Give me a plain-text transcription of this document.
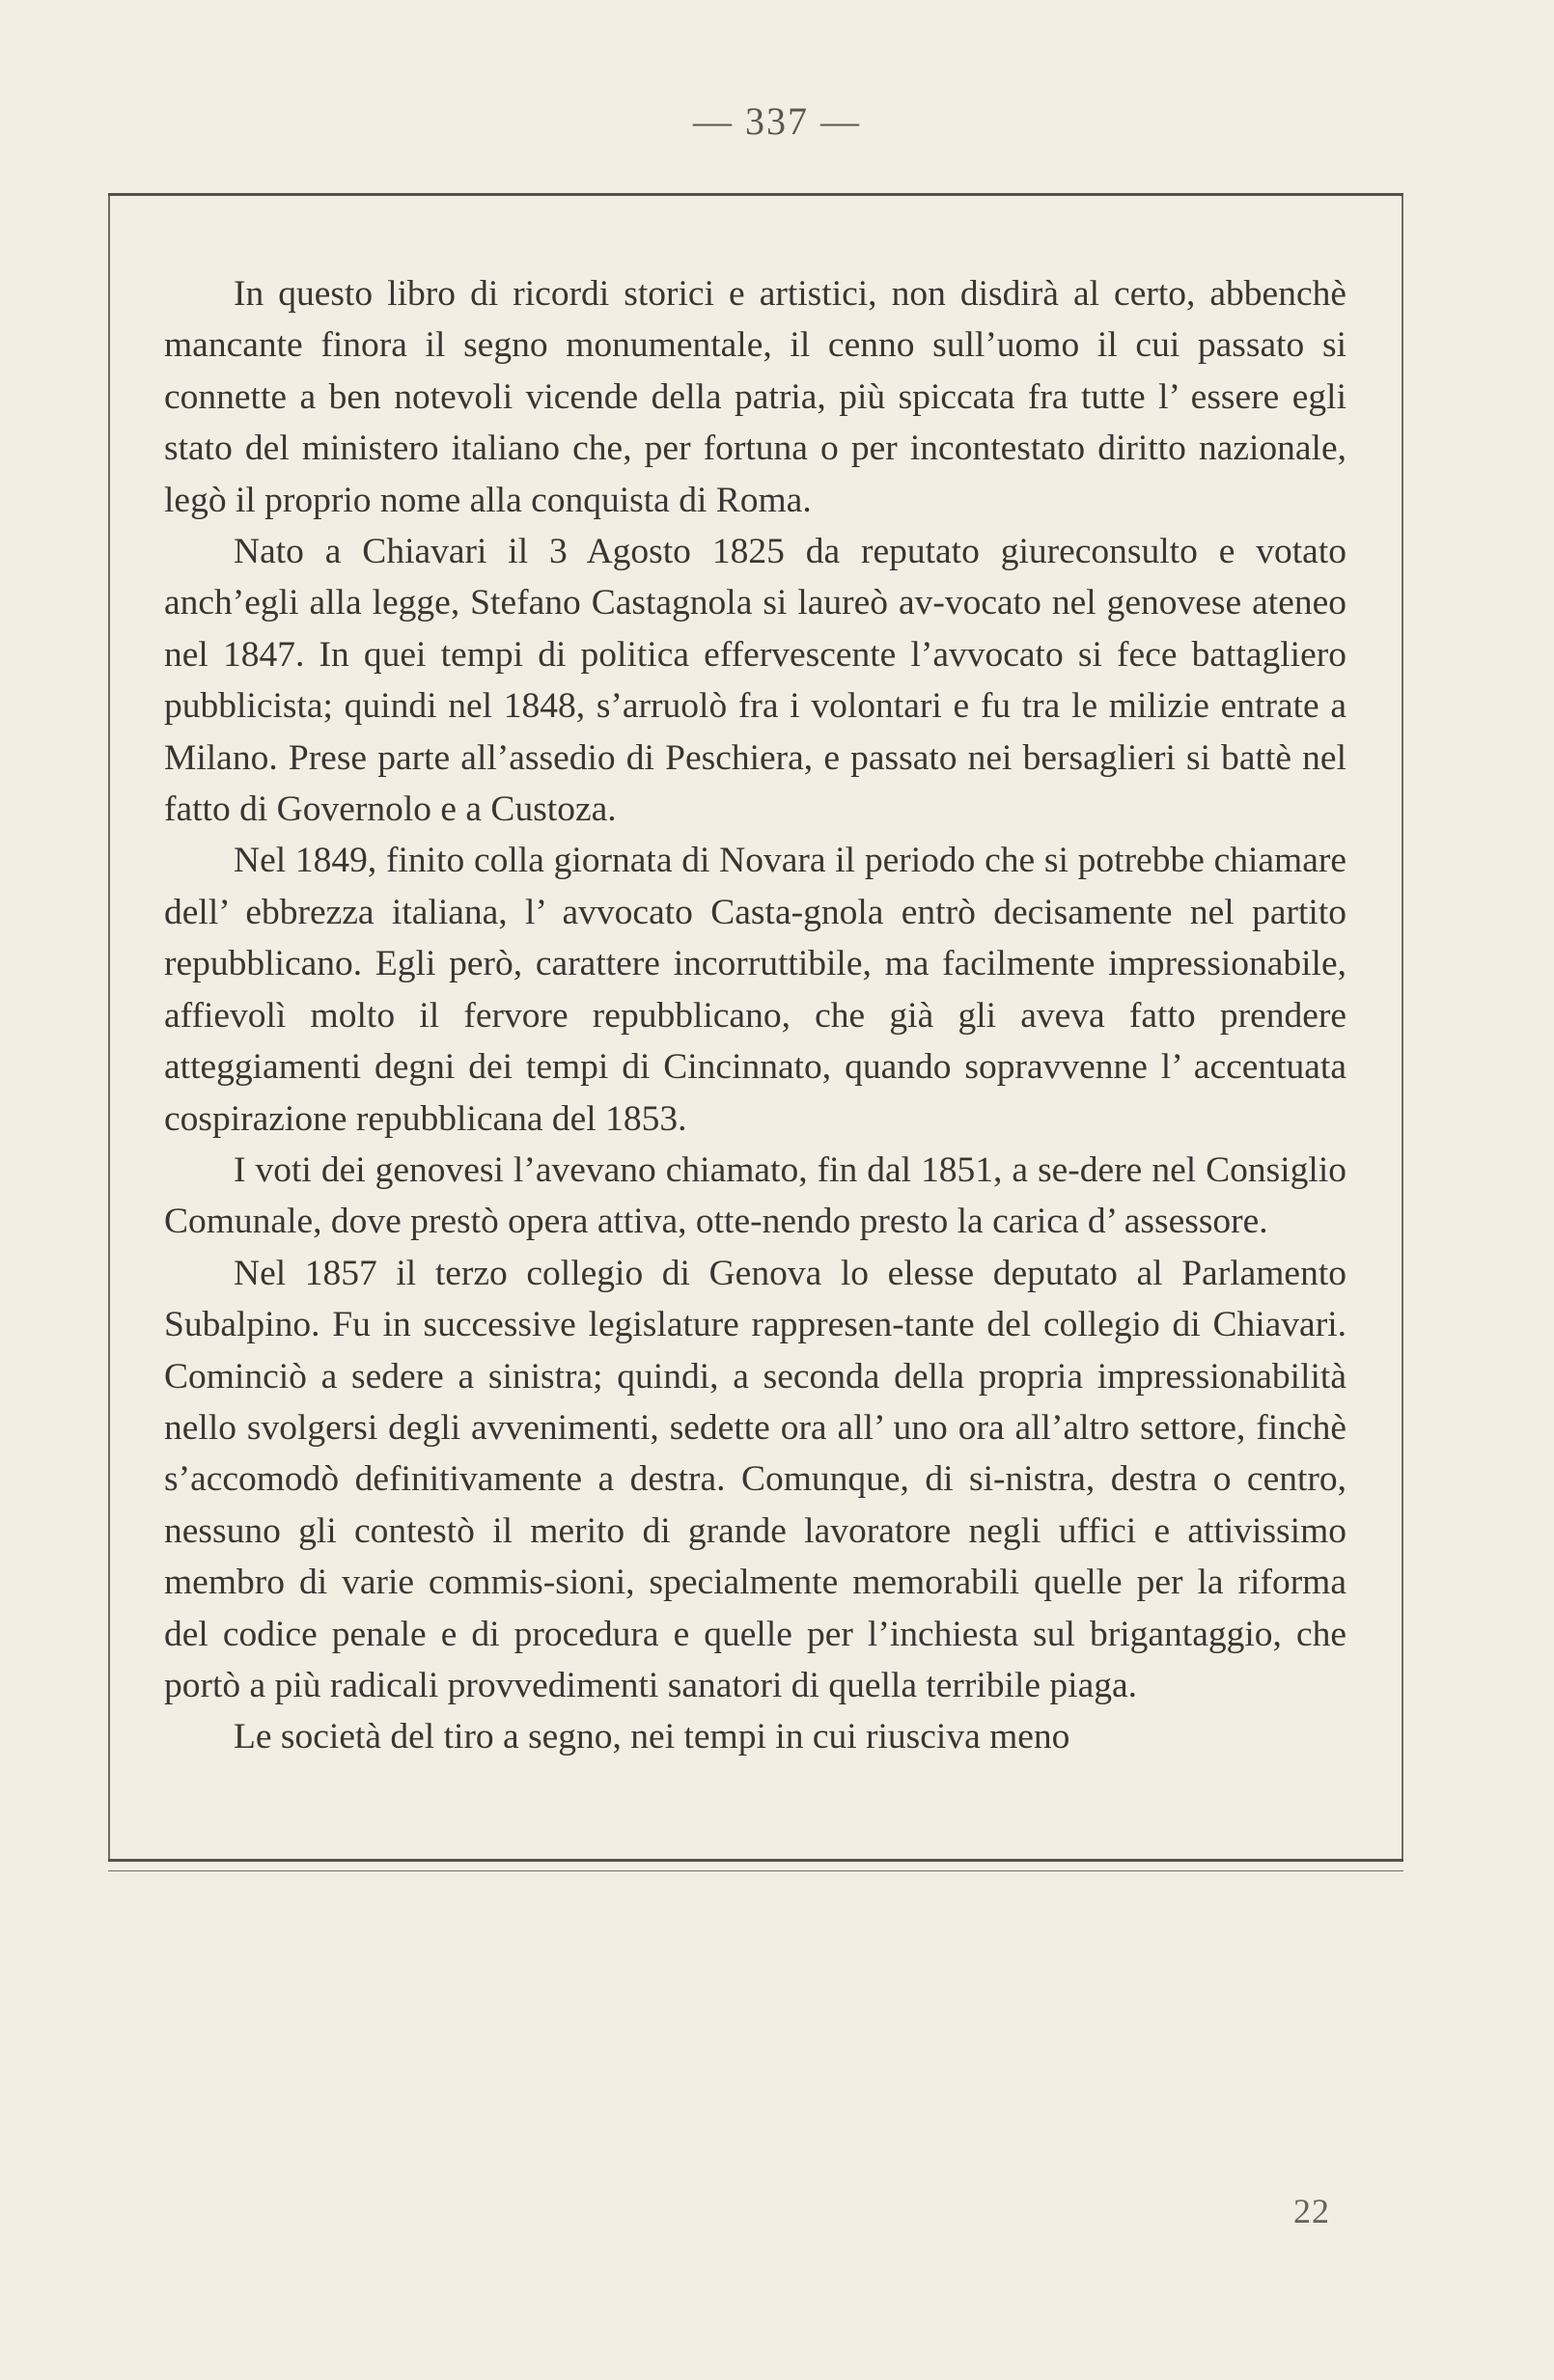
— 337 —

In questo libro di ricordi storici e artistici, non disdirà al certo, abbenchè mancante finora il segno monumentale, il cenno sull’uomo il cui passato si connette a ben notevoli vicende della patria, più spiccata fra tutte l’ essere egli stato del ministero italiano che, per fortuna o per incontestato diritto nazionale, legò il proprio nome alla conquista di Roma.

Nato a Chiavari il 3 Agosto 1825 da reputato giureconsulto e votato anch’egli alla legge, Stefano Castagnola si laureò av-vocato nel genovese ateneo nel 1847. In quei tempi di politica effervescente l’avvocato si fece battagliero pubblicista; quindi nel 1848, s’arruolò fra i volontari e fu tra le milizie entrate a Milano. Prese parte all’assedio di Peschiera, e passato nei bersaglieri si battè nel fatto di Governolo e a Custoza.

Nel 1849, finito colla giornata di Novara il periodo che si potrebbe chiamare dell’ ebbrezza italiana, l’ avvocato Casta-gnola entrò decisamente nel partito repubblicano. Egli però, carattere incorruttibile, ma facilmente impressionabile, affievolì molto il fervore repubblicano, che già gli aveva fatto prendere atteggiamenti degni dei tempi di Cincinnato, quando sopravvenne l’ accentuata cospirazione repubblicana del 1853.

I voti dei genovesi l’avevano chiamato, fin dal 1851, a se-dere nel Consiglio Comunale, dove prestò opera attiva, otte-nendo presto la carica d’ assessore.

Nel 1857 il terzo collegio di Genova lo elesse deputato al Parlamento Subalpino. Fu in successive legislature rappresen-tante del collegio di Chiavari. Cominciò a sedere a sinistra; quindi, a seconda della propria impressionabilità nello svolgersi degli avvenimenti, sedette ora all’ uno ora all’altro settore, finchè s’accomodò definitivamente a destra. Comunque, di si-nistra, destra o centro, nessuno gli contestò il merito di grande lavoratore negli uffici e attivissimo membro di varie commis-sioni, specialmente memorabili quelle per la riforma del codice penale e di procedura e quelle per l’inchiesta sul brigantaggio, che portò a più radicali provvedimenti sanatori di quella terribile piaga.

Le società del tiro a segno, nei tempi in cui riusciva meno

22
